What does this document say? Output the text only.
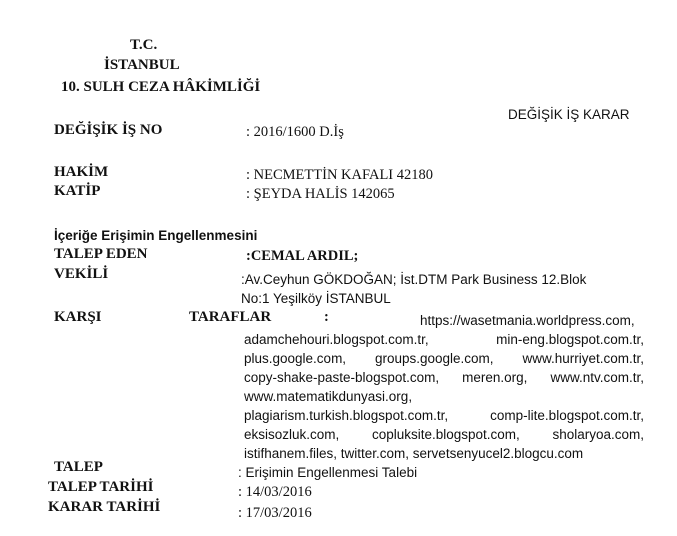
T.C.
İSTANBUL
10. SULH CEZA HÂKİMLİĞİ
DEĞİŞİK İŞ KARAR
DEĞİŞİK İŞ NO	: 2016/1600 D.İş
HAKİM	: NECMETTİN KAFALI 42180
KATİP	: ŞEYDA HALİS 142065
İçeriğe Erişimin Engellenmesini
TALEP EDEN	:CEMAL ARDIL;
VEKİLİ	:Av.Ceyhun GÖKDOĞAN; İst.DTM Park Business 12.Blok
No:1 Yeşilköy İSTANBUL
KARŞI	TARAFLAR	:	https://wasetmania.worldpress.com,
adamchehouri.blogspot.com.tr,	min-eng.blogspot.com.tr,
plus.google.com, groups.google.com, www.hurriyet.com.tr,
copy-shake-paste-blogspot.com, meren.org, www.ntv.com.tr,
www.matematikdunyasi.org,
plagiarism.turkish.blogspot.com.tr,	comp-lite.blogspot.com.tr,
eksisozluk.com, copluksite.blogspot.com, sholaryoa.com,
istifhanem.files, twitter.com, servetsenyucel2.blogcu.com
TALEP	: Erişimin Engellenmesi Talebi
TALEP TARİHİ	: 14/03/2016
KARAR TARİHİ	: 17/03/2016
